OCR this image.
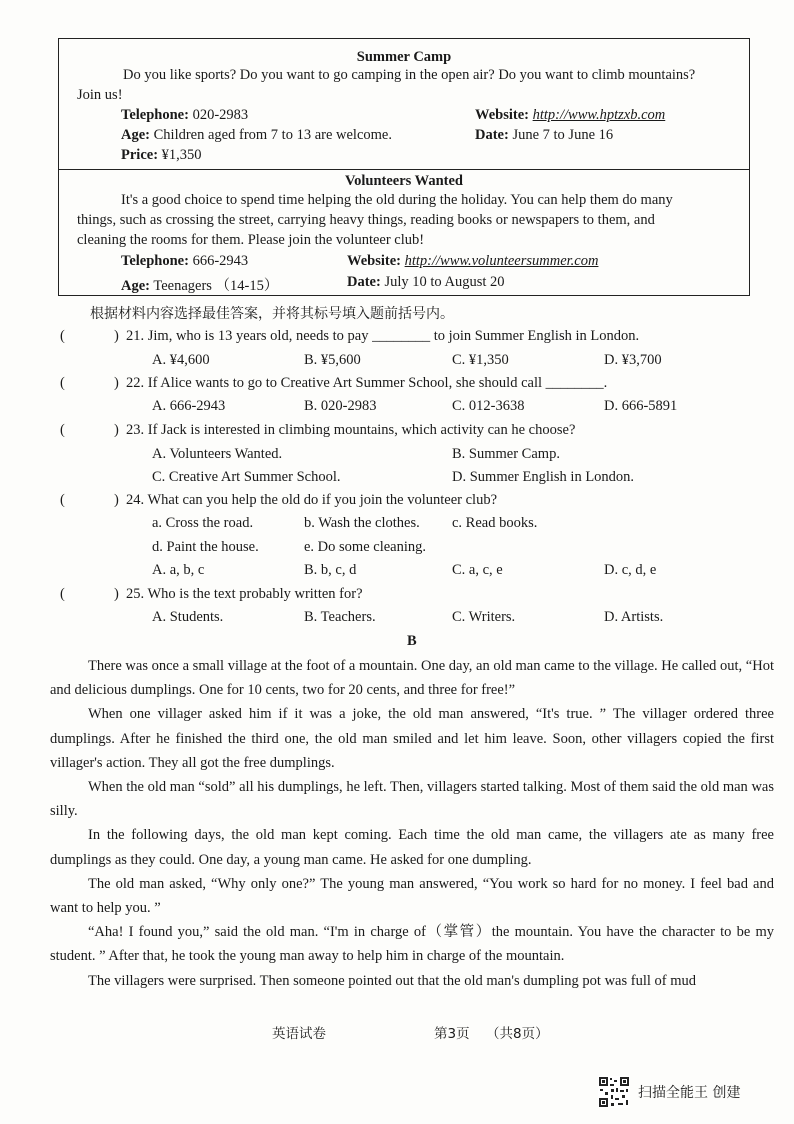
Summer Camp
Do you like sports? Do you want to go camping in the open air? Do you want to climb mountains?
Join us!
Telephone: 020-2983	Website: http://www.hptzxb.com
Age: Children aged from 7 to 13 are welcome.	Date: June 7 to June 16
Price: ¥1,350
Volunteers Wanted
It's a good choice to spend time helping the old during the holiday. You can help them do many
things, such as crossing the street, carrying heavy things, reading books or newspapers to them, and
cleaning the rooms for them. Please join the volunteer club!
Telephone: 666-2943	Website: http://www.volunteersummer.com
Age: Teenagers （14-15）	Date: July 10 to August 20
根据材料内容选择最佳答案，并将其标号填入题前括号内。
(	) 21. Jim, who is 13 years old, needs to pay ________ to join Summer English in London.
A. ¥4,600	B. ¥5,600	C. ¥1,350	D. ¥3,700
(	) 22. If Alice wants to go to Creative Art Summer School, she should call ________.
A. 666-2943	B. 020-2983	C. 012-3638	D. 666-5891
(	) 23. If Jack is interested in climbing mountains, which activity can he choose?
A. Volunteers Wanted.	B. Summer Camp.
C. Creative Art Summer School.	D. Summer English in London.
(	) 24. What can you help the old do if you join the volunteer club?
a. Cross the road.	b. Wash the clothes. c. Read books.
d. Paint the house.	e. Do some cleaning.
A. a, b, c	B. b, c, d	C. a, c, e	D. c, d, e
(	) 25. Who is the text probably written for?
A. Students.	B. Teachers.	C. Writers.	D. Artists.
B

There was once a small village at the foot of a mountain. One day, an old man came to the village. He called out, “Hot and delicious dumplings. One for 10 cents, two for 20 cents, and three for free!”

When one villager asked him if it was a joke, the old man answered, “It's true. ” The villager ordered three dumplings. After he finished the third one, the old man smiled and let him leave. Soon, other villagers copied the first villager's action. They all got the free dumplings.

When the old man “sold” all his dumplings, he left. Then, villagers started talking. Most of them said the old man was silly.

In the following days, the old man kept coming. Each time the old man came, the villagers ate as many free dumplings as they could. One day, a young man came. He asked for one dumpling.

The old man asked, “Why only one?” The young man answered, “You work so hard for no money. I feel bad and want to help you. ”

“Aha! I found you,” said the old man. “I'm in charge of（掌管）the mountain. You have the character to be my student. ” After that, he took the young man away to help him in charge of the mountain.

The villagers were surprised. Then someone pointed out that the old man's dumpling pot was full of mud

英语试卷	第3页 （共8页）
扫描全能王 创建
